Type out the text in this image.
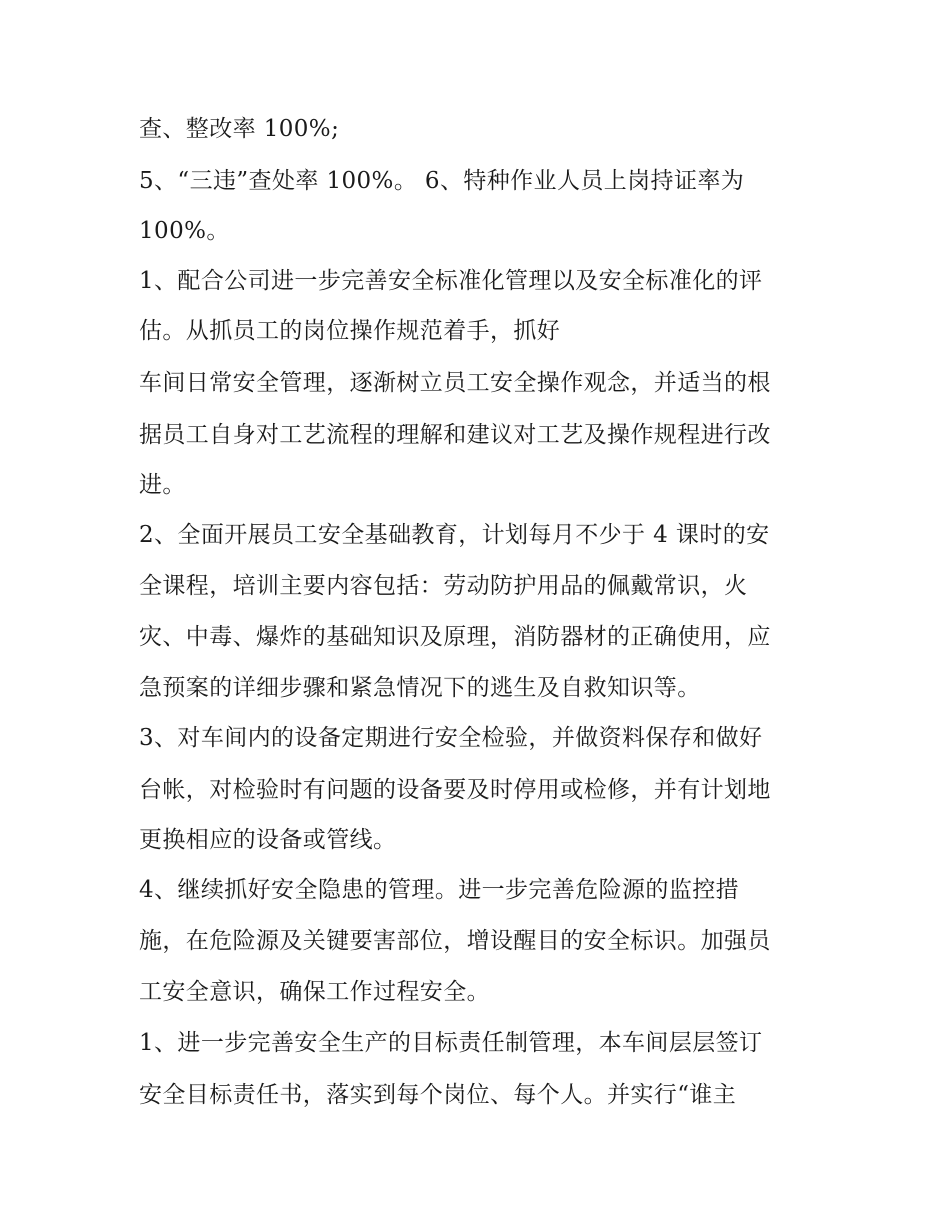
查、整改率 100%;
5、“三违”查处率 100%。 6、特种作业人员上岗持证率为
100%。
1、配合公司进一步完善安全标准化管理以及安全标准化的评
估。从抓员工的岗位操作规范着手，抓好
车间日常安全管理，逐渐树立员工安全操作观念，并适当的根
据员工自身对工艺流程的理解和建议对工艺及操作规程进行改
进。
2、全面开展员工安全基础教育，计划每月不少于 4 课时的安
全课程，培训主要内容包括：劳动防护用品的佩戴常识，火
灾、中毒、爆炸的基础知识及原理，消防器材的正确使用，应
急预案的详细步骤和紧急情况下的逃生及自救知识等。
3、对车间内的设备定期进行安全检验，并做资料保存和做好
台帐，对检验时有问题的设备要及时停用或检修，并有计划地
更换相应的设备或管线。
4、继续抓好安全隐患的管理。进一步完善危险源的监控措
施，在危险源及关键要害部位，增设醒目的安全标识。加强员
工安全意识，确保工作过程安全。
1、进一步完善安全生产的目标责任制管理，本车间层层签订
安全目标责任书，落实到每个岗位、每个人。并实行“谁主
